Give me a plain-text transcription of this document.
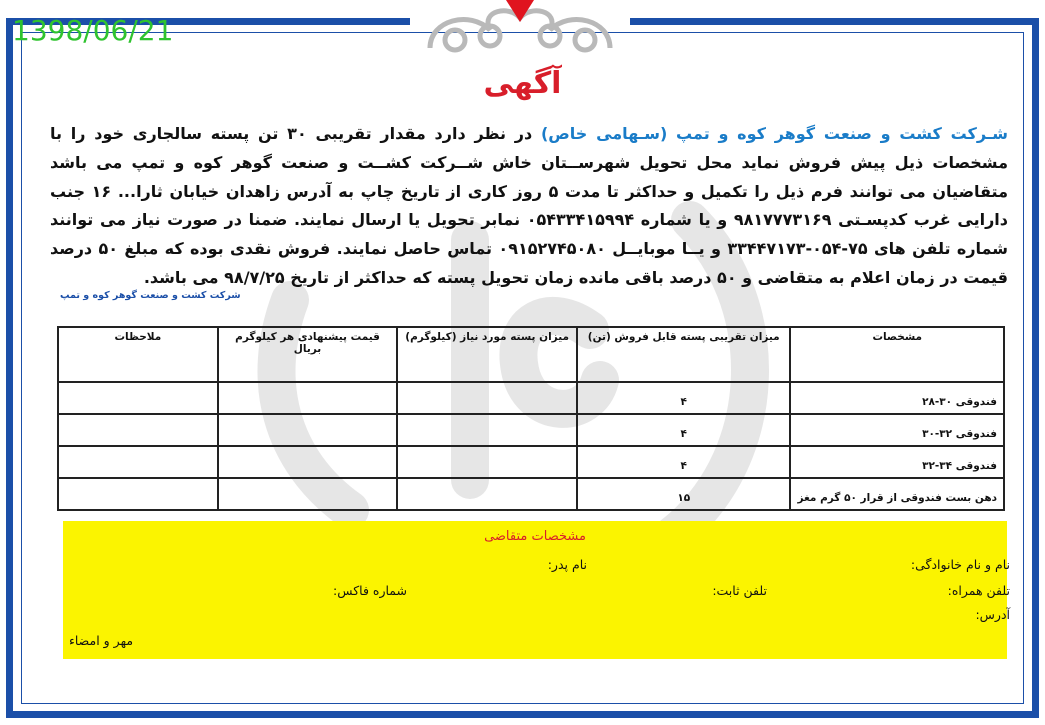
1398/06/21
آگهی
شـرکت کشت و صنعت گوهر کوه و تمپ (سـهامی خاص) در نظر دارد مقدار تقریبی ۳۰ تن پسته سالجاری خود را با مشخصات ذیل پیش فروش نماید محل تحویل شهرســتان خاش شــرکت کشــت و صنعت گوهر کوه و تمپ می باشد متقاضیان می توانند فرم ذیل را تکمیل و حداکثر تا مدت ۵ روز کاری از تاریخ چاپ به آدرس زاهدان خیابان ثارا... ۱۶ جنب دارایی غرب کدپسـتی ۹۸۱۷۷۷۳۱۶۹ و یا شماره ۰۵۴۳۳۴۱۵۹۹۴ نمابر تحویل یا ارسال نمایند. ضمنا در صورت نیاز می توانند شماره تلفن های ۷۵-۰۵۴-۳۳۴۴۷۱۷۳ و یــا موبایــل ۰۹۱۵۲۷۴۵۰۸۰ تماس حاصل نمایند. فروش نقدی بوده که مبلغ ۵۰ درصد قیمت در زمان اعلام به متقاضی و ۵۰ درصد باقی مانده زمان تحویل پسته که حداکثر از تاریخ ۹۸/۷/۲۵ می باشد.
شرکت کشت و صنعت گوهر کوه و تمپ
مشخصات	میزان تقریبی پسته قابل فروش (تن)	میزان پسته مورد نیاز (کیلوگرم)	قیمت پیشنهادی هر کیلوگرم بریال	ملاحظات
فندوقی ۳۰-۲۸	۴			
فندوقی ۳۲-۳۰	۴			
فندوقی ۳۴-۳۲	۴			
دهن بست فندوقی از قرار ۵۰ گرم مغز	۱۵			
مشخصات متقاضی
نام و نام خانوادگی:
نام پدر:
تلفن همراه:
تلفن ثابت:
شماره فاکس:
آدرس:
مهر و امضاء
